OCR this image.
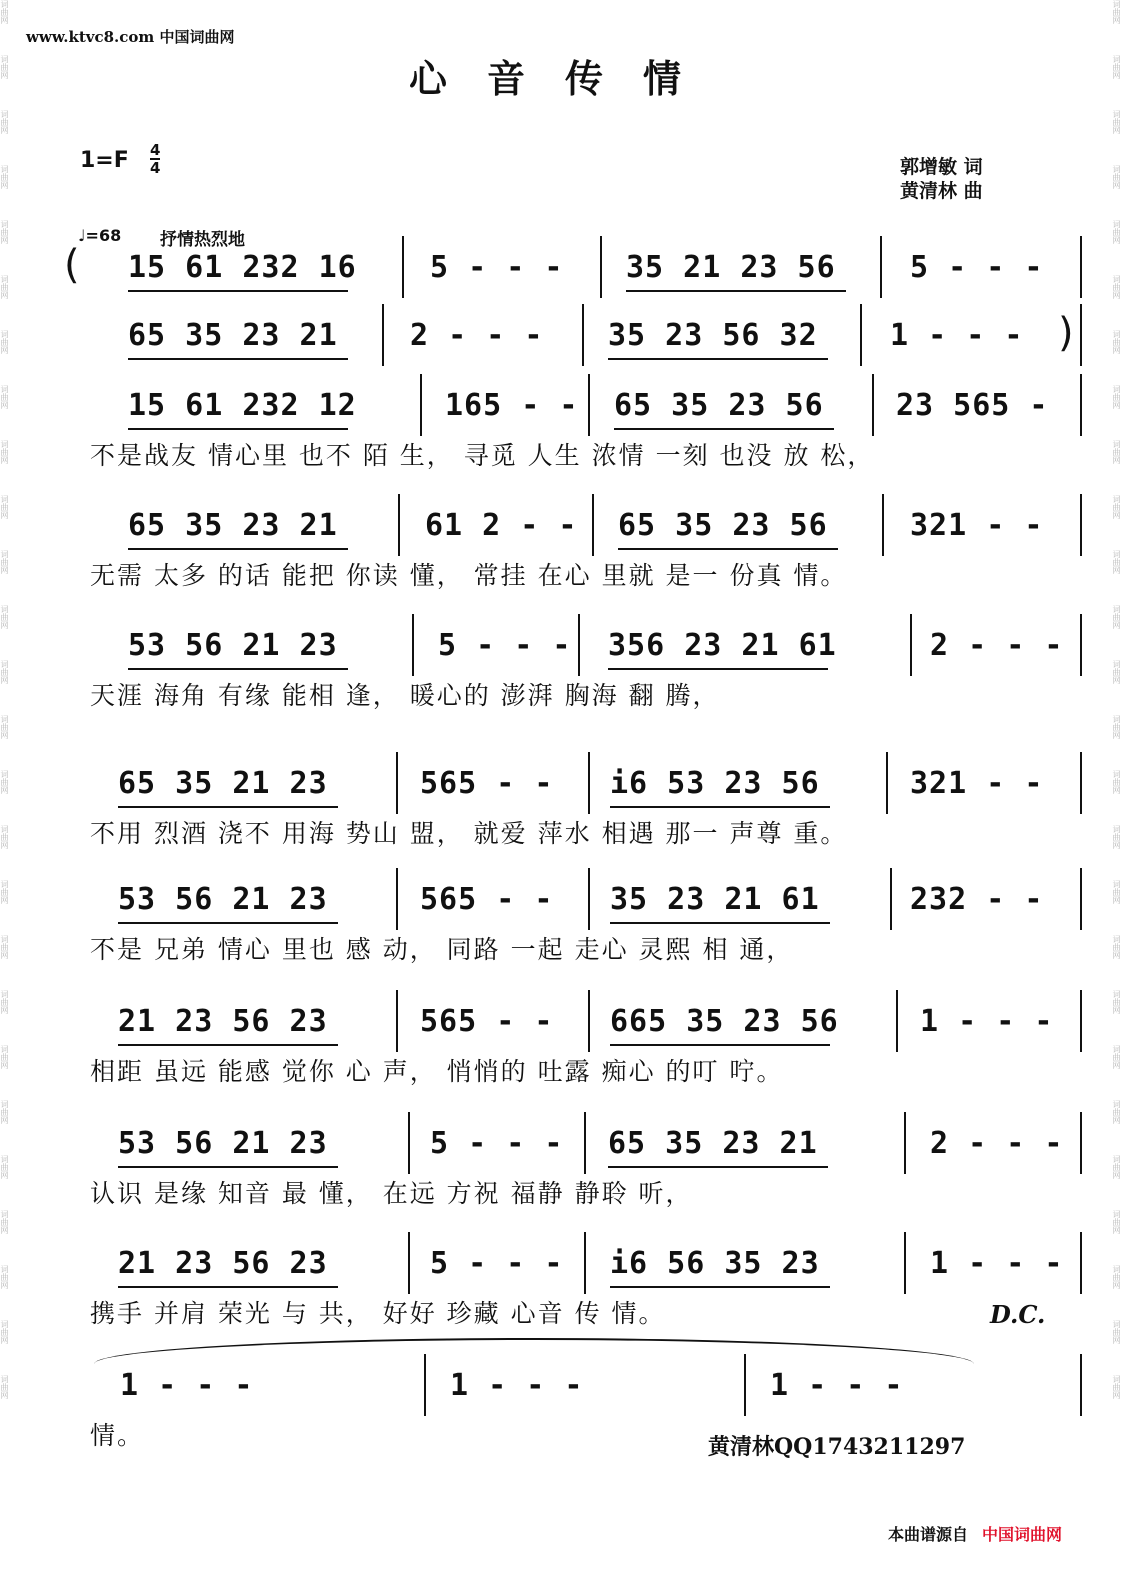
词曲网
词曲网
词曲网
词曲网
词曲网
词曲网
词曲网
词曲网
词曲网
词曲网
词曲网
词曲网
词曲网
词曲网
词曲网
词曲网
词曲网
词曲网
词曲网
词曲网
词曲网
词曲网
词曲网
词曲网
词曲网
词曲网
词曲网
词曲网
词曲网
词曲网
词曲网
词曲网
词曲网
词曲网
词曲网
词曲网
词曲网
词曲网
词曲网
词曲网
词曲网
词曲网
词曲网
词曲网
词曲网
词曲网
词曲网
词曲网
词曲网
词曲网
词曲网
词曲网
www.ktvc8.com 中国词曲网
心音传情
1=F 4
4	郭增敏 词
黄清林 曲
♩=68 抒情热烈地
15 61 232 16 5 - - - 35 21 23 56 5 - - -
(
65 35 23 21 2 - - - 35 23 56 32 1 - - - )
15 61 232 12	165 - - 65 35 23 56 23 565 -
不是战友 情心里 也不 陌 生， 寻觅 人生 浓情 一刻 也没 放 松，
65 35 23 21	61 2 - - 65 35 23 56	321 - -
无需 太多 的话 能把 你读 懂， 常挂 在心 里就 是一 份真 情。
53 56 21 23	5 - - - 356 23 21 61	2 - - -
天涯 海角 有缘 能相 逢， 暖心的 澎湃 胸海 翻 腾，
65 35 21 23	565 - - i6 53 23 56	321 - -
不用 烈酒 浇不 用海 势山 盟， 就爱 萍水 相遇 那一 声尊 重。
53 56 21 23	565 - - 35 23 21 61	232 - -
不是 兄弟 情心 里也 感 动， 同路 一起 走心 灵熙 相 通，
21 23 56 23	565 - - 665 35 23 56	1 - - -
相距 虽远 能感 觉你 心 声， 悄悄的 吐露 痴心 的叮 咛。
53 56 21 23	5 - - - 65 35 23 21	2 - - -
认识 是缘 知音 最 懂， 在远 方祝 福静 静聆 听，
21 23 56 23	5 - - - i6 56 35 23	1 - - -
携手 并肩 荣光 与 共， 好好 珍藏 心音 传 情。
1 - - -	1 - - -	1 - - -
情。
D.C.
黄清林QQ1743211297
本曲谱源自 中国词曲网
